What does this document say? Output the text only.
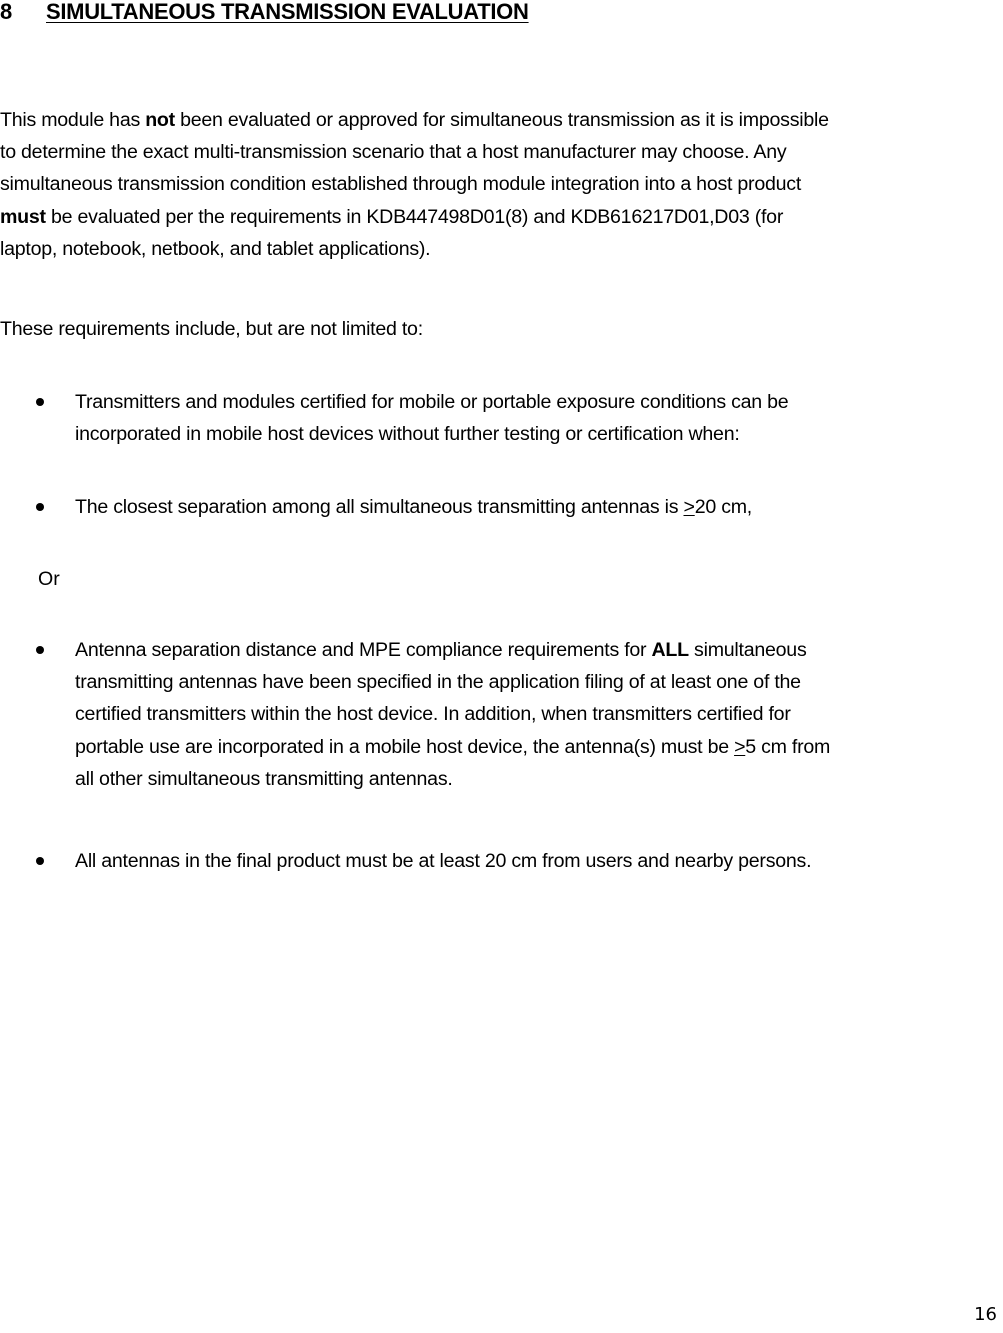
8 SIMULTANEOUS TRANSMISSION EVALUATION

This module has not been evaluated or approved for simultaneous transmission as it is impossible
to determine the exact multi-transmission scenario that a host manufacturer may choose. Any
simultaneous transmission condition established through module integration into a host product
must be evaluated per the requirements in KDB447498D01(8) and KDB616217D01,D03 (for
laptop, notebook, netbook, and tablet applications).

These requirements include, but are not limited to:

Transmitters and modules certified for mobile or portable exposure conditions can be
incorporated in mobile host devices without further testing or certification when:
The closest separation among all simultaneous transmitting antennas is ≥20 cm,
Or
Antenna separation distance and MPE compliance requirements for ALL simultaneous
transmitting antennas have been specified in the application filing of at least one of the
certified transmitters within the host device. In addition, when transmitters certified for
portable use are incorporated in a mobile host device, the antenna(s) must be ≥5 cm from
all other simultaneous transmitting antennas.
All antennas in the final product must be at least 20 cm from users and nearby persons.
16
